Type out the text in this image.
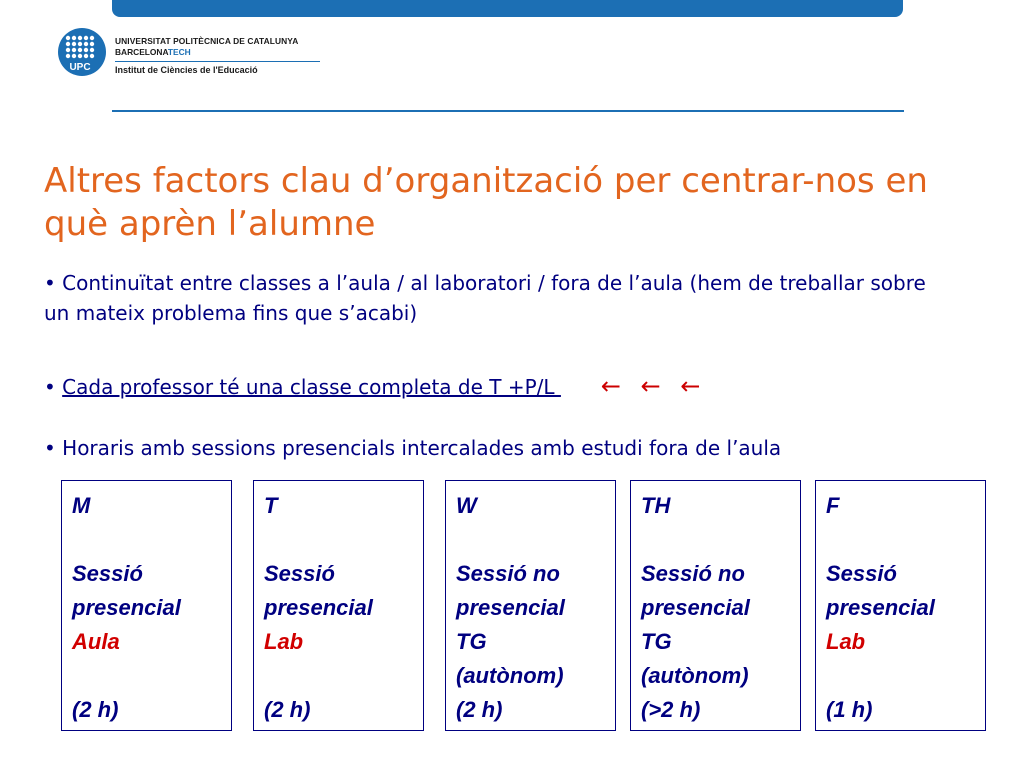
UPC
UNIVERSITAT POLITÈCNICA DE CATALUNYA
BARCELONATECH
Institut de Ciències de l'Educació
Altres factors clau d’organització per centrar-nos en què aprèn l’alumne
• Continuïtat entre classes a l’aula / al laboratori / fora de l’aula (hem de treballar sobre un mateix problema fins que s’acabi)
• Cada professor té una classe completa de T +P/L ← ← ←
• Horaris amb sessions presencials intercalades amb estudi fora de l’aula
M
Sessió
presencial
Aula
(2 h)
T
Sessió
presencial
Lab
(2 h)
W
Sessió no
presencial
TG
(autònom)
(2 h)
TH
Sessió no
presencial
TG
(autònom)
(>2 h)
F
Sessió
presencial
Lab
(1 h)
